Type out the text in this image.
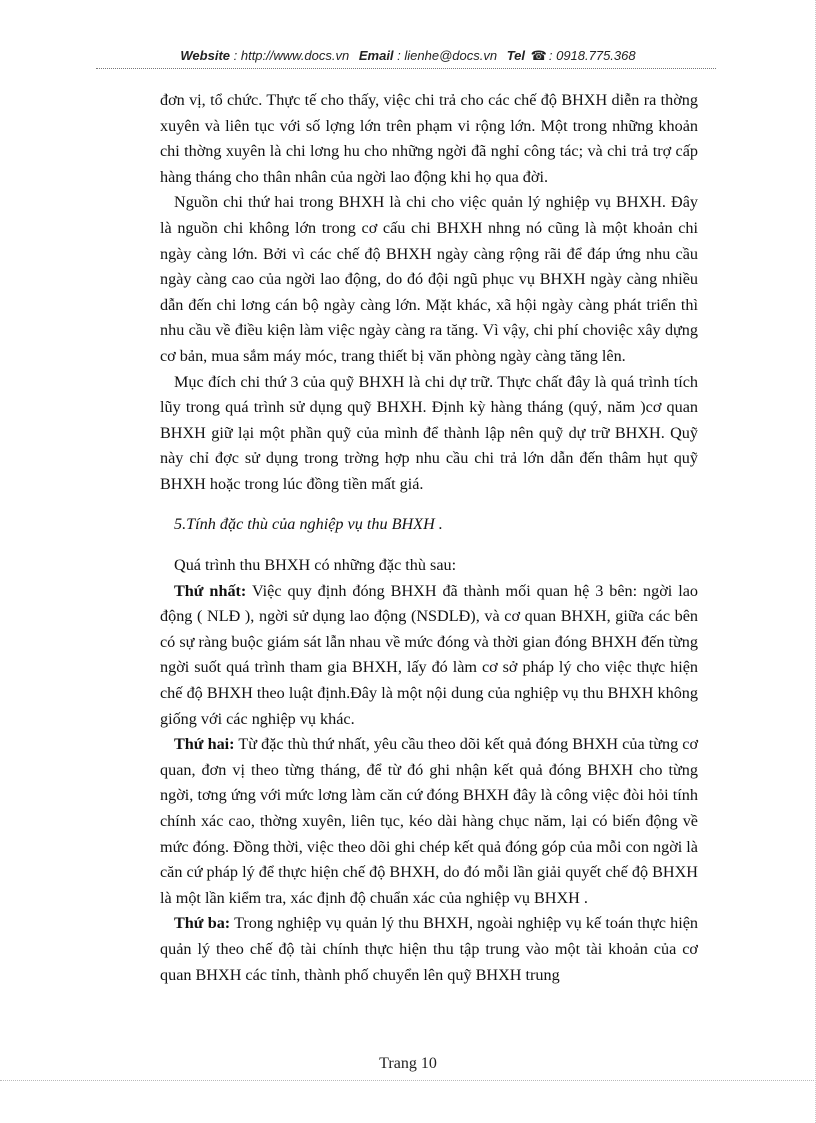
Website : http://www.docs.vn Email : lienhe@docs.vn Tel ☎ : 0918.775.368

đơn vị, tổ chức. Thực tế cho thấy, việc chi trả cho các chế độ BHXH diễn ra thờng xuyên và liên tục với số lợng lớn trên phạm vi rộng lớn. Một trong những khoản chi thờng xuyên là chi lơng hu cho những ngời đã nghỉ công tác; và chi trả trợ cấp hàng tháng cho thân nhân của ngời lao động khi họ qua đời.

Nguồn chi thứ hai trong BHXH là chi cho việc quản lý nghiệp vụ BHXH. Đây là nguồn chi không lớn trong cơ cấu chi BHXH nhng nó cũng là một khoản chi ngày càng lớn. Bởi vì các chế độ BHXH ngày càng rộng rãi để đáp ứng nhu cầu ngày càng cao của ngời lao động, do đó đội ngũ phục vụ BHXH ngày càng nhiều dẫn đến chi lơng cán bộ ngày càng lớn. Mặt khác, xã hội ngày càng phát triển thì nhu cầu về điều kiện làm việc ngày càng ra tăng. Vì vậy, chi phí choviệc xây dựng cơ bản, mua sắm máy móc, trang thiết bị văn phòng ngày càng tăng lên.

Mục đích chi thứ 3 của quỹ BHXH là chi dự trữ. Thực chất đây là quá trình tích lũy trong quá trình sử dụng quỹ BHXH. Định kỳ hàng tháng (quý, năm )cơ quan BHXH giữ lại một phần quỹ của mình để thành lập nên quỹ dự trữ BHXH. Quỹ này chỉ đợc sử dụng trong trờng hợp nhu cầu chi trả lớn dẫn đến thâm hụt quỹ BHXH hoặc trong lúc đồng tiền mất giá.

5.Tính đặc thù của nghiệp vụ thu BHXH .

Quá trình thu BHXH có những đặc thù sau:

Thứ nhất: Việc quy định đóng BHXH đã thành mối quan hệ 3 bên: ngời lao động ( NLĐ ), ngời sử dụng lao động (NSDLĐ), và cơ quan BHXH, giữa các bên có sự ràng buộc giám sát lẫn nhau về mức đóng và thời gian đóng BHXH đến từng ngời suốt quá trình tham gia BHXH, lấy đó làm cơ sở pháp lý cho việc thực hiện chế độ BHXH theo luật định.Đây là một nội dung của nghiệp vụ thu BHXH không giống với các nghiệp vụ khác.

Thứ hai: Từ đặc thù thứ nhất, yêu cầu theo dõi kết quả đóng BHXH của từng cơ quan, đơn vị theo từng tháng, để từ đó ghi nhận kết quả đóng BHXH cho từng ngời, tơng ứng với mức lơng làm căn cứ đóng BHXH đây là công việc đòi hỏi tính chính xác cao, thờng xuyên, liên tục, kéo dài hàng chục năm, lại có biến động về mức đóng. Đồng thời, việc theo dõi ghi chép kết quả đóng góp của mỗi con ngời là căn cứ pháp lý để thực hiện chế độ BHXH, do đó mỗi lần giải quyết chế độ BHXH là một lần kiểm tra, xác định độ chuẩn xác của nghiệp vụ BHXH .

Thứ ba: Trong nghiệp vụ quản lý thu BHXH, ngoài nghiệp vụ kế toán thực hiện quản lý theo chế độ tài chính thực hiện thu tập trung vào một tài khoản của cơ quan BHXH các tỉnh, thành phố chuyển lên quỹ BHXH trung

Trang 10
